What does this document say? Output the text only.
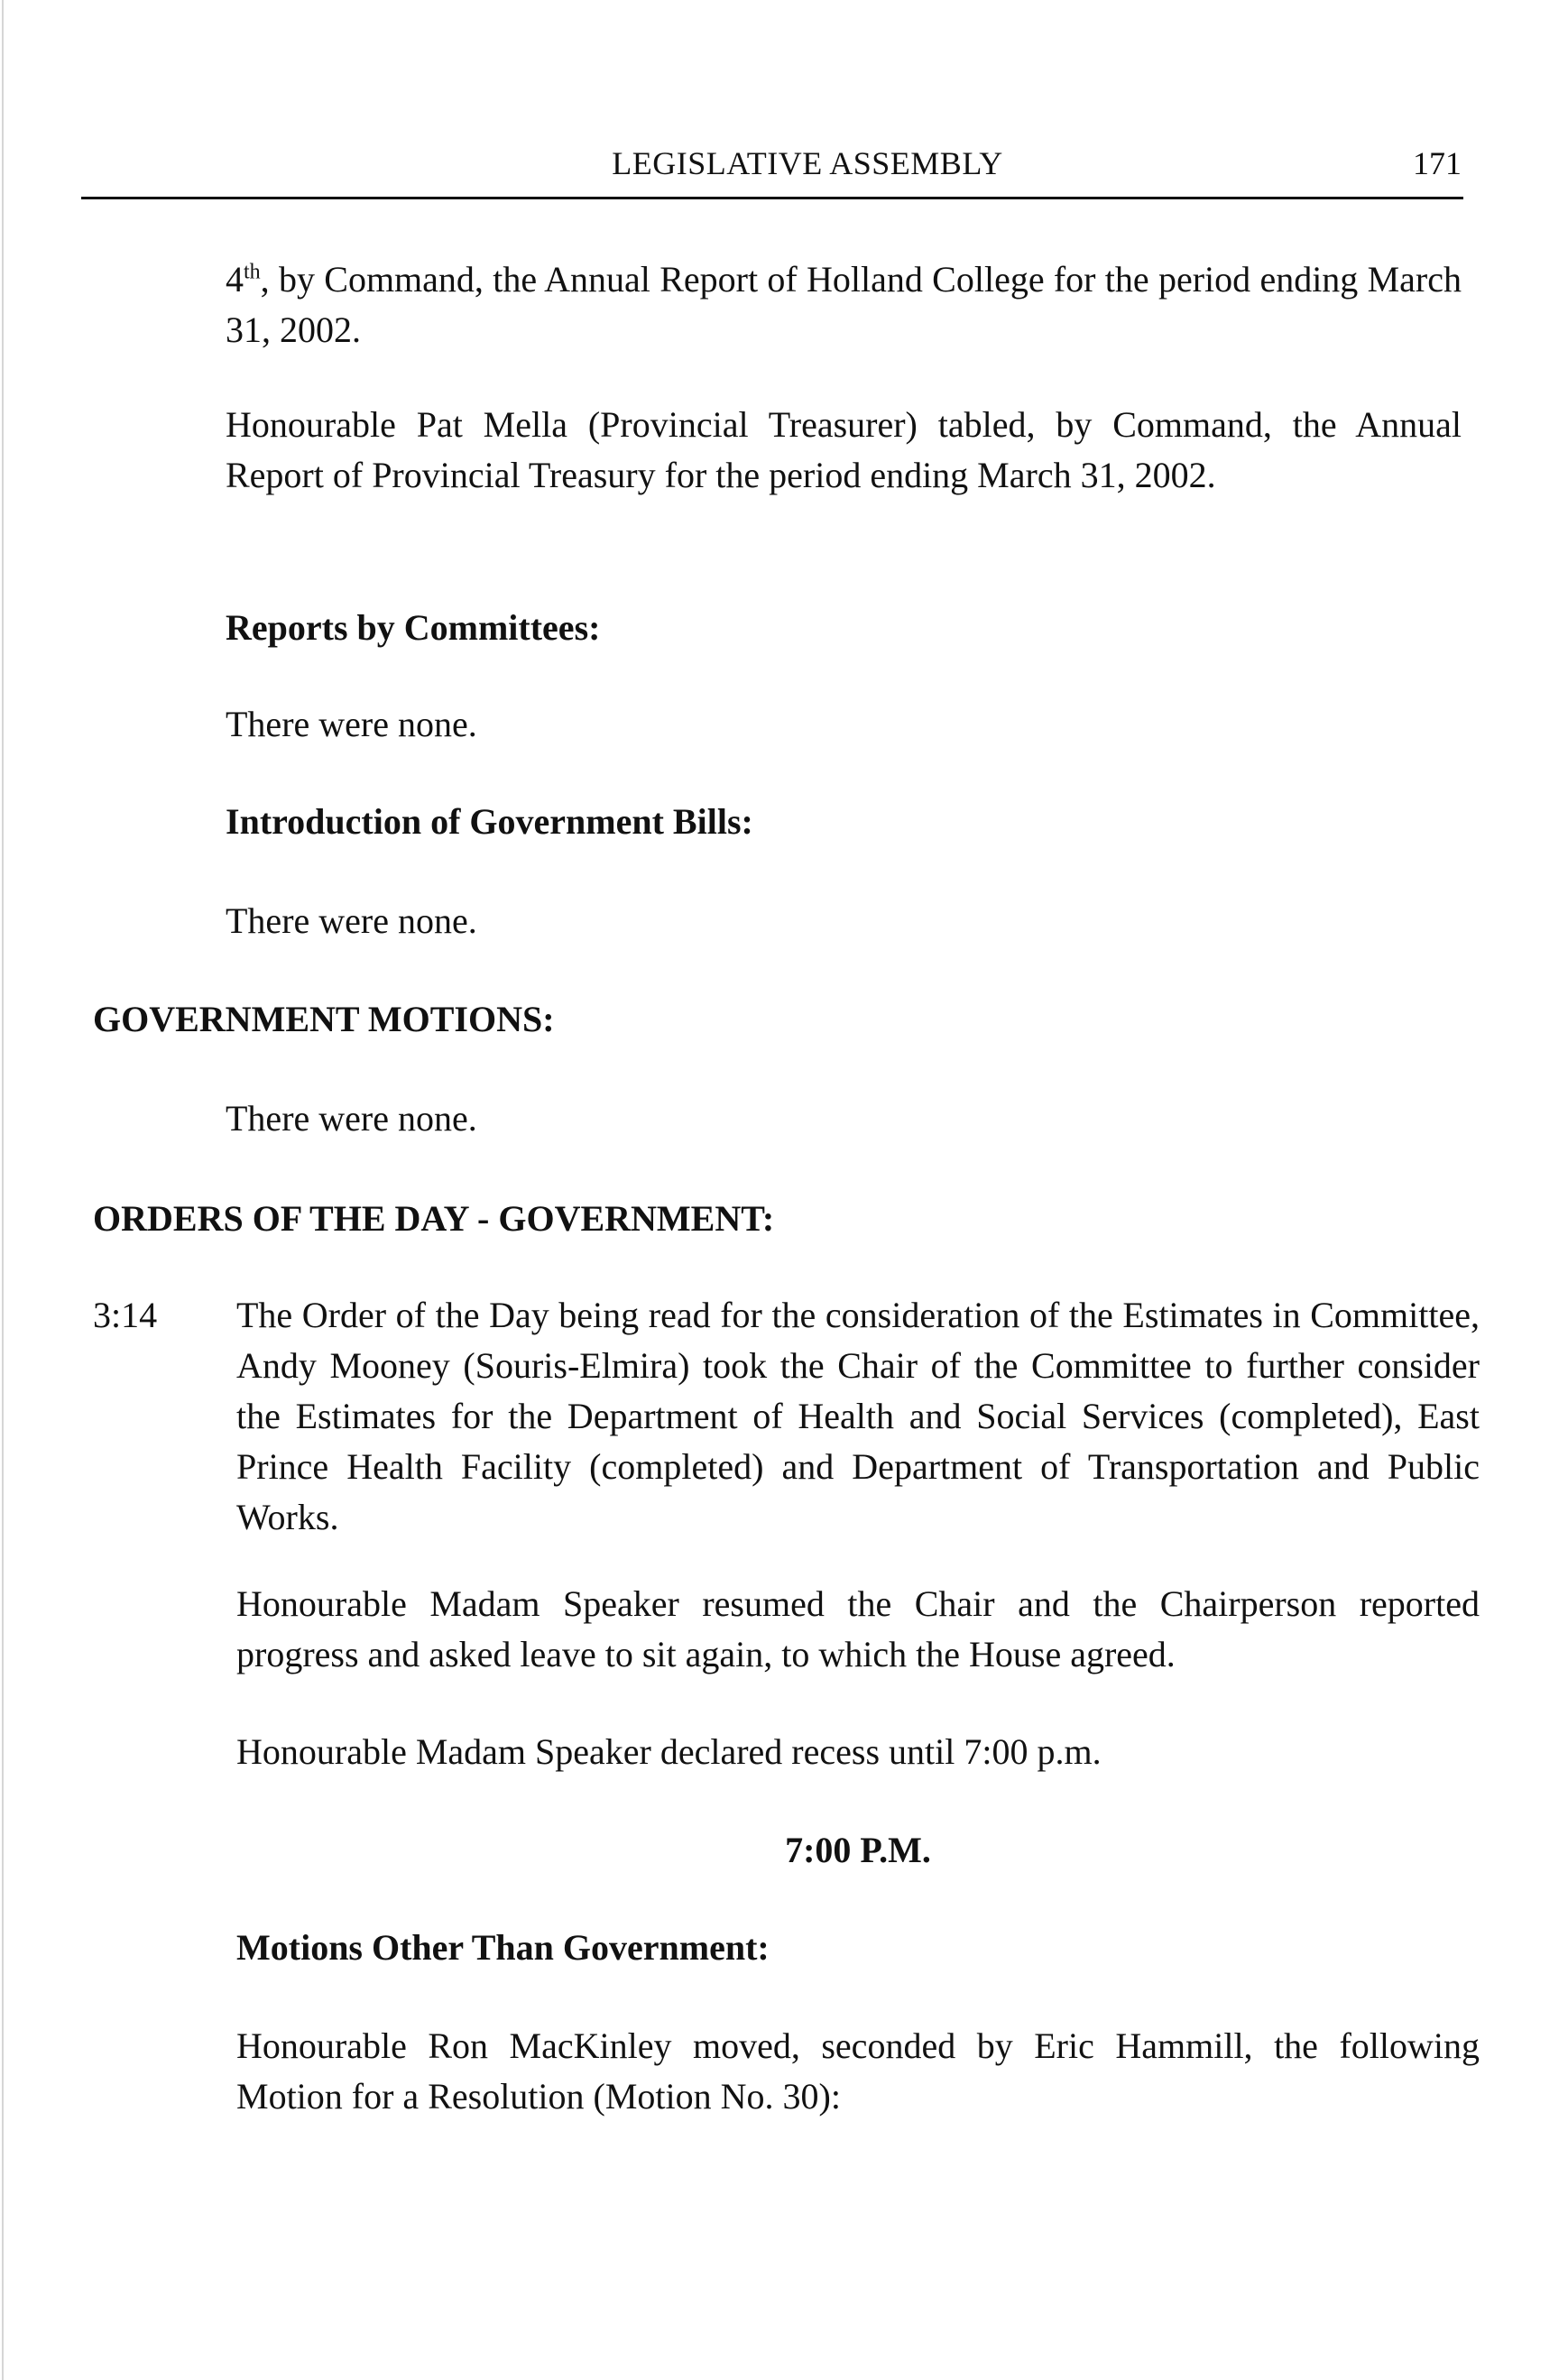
LEGISLATIVE ASSEMBLY	171
4th, by Command, the Annual Report of Holland College for the period ending March 31, 2002.
Honourable Pat Mella (Provincial Treasurer) tabled, by Command, the Annual Report of Provincial Treasury for the period ending March 31, 2002.
Reports by Committees:
There were none.
Introduction of Government Bills:
There were none.
GOVERNMENT MOTIONS:
There were none.
ORDERS OF THE DAY - GOVERNMENT:
3:14 The Order of the Day being read for the consideration of the Estimates in Committee, Andy Mooney (Souris-Elmira) took the Chair of the Committee to further consider the Estimates for the Department of Health and Social Services (completed), East Prince Health Facility (completed) and Department of Transportation and Public Works.
Honourable Madam Speaker resumed the Chair and the Chairperson reported progress and asked leave to sit again, to which the House agreed.
Honourable Madam Speaker declared recess until 7:00 p.m.
7:00 P.M.
Motions Other Than Government:
Honourable Ron MacKinley moved, seconded by Eric Hammill, the following Motion for a Resolution (Motion No. 30):
